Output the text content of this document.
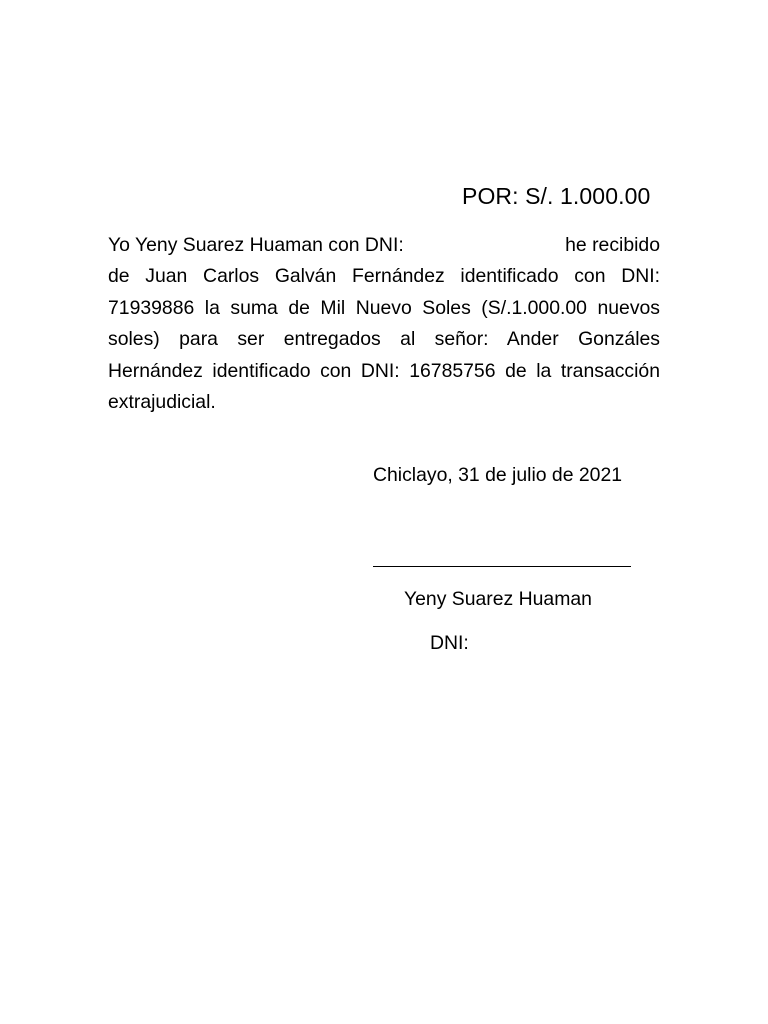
POR: S/. 1.000.00
Yo Yeny Suarez Huaman con DNI:	he recibido
de Juan Carlos Galván Fernández identificado con DNI:
71939886 la suma de Mil Nuevo Soles (S/.1.000.00 nuevos
soles) para ser entregados al señor: Ander Gonzáles
Hernández identificado con DNI: 16785756 de la transacción
extrajudicial.
Chiclayo, 31 de julio de 2021
Yeny Suarez Huaman
DNI:
